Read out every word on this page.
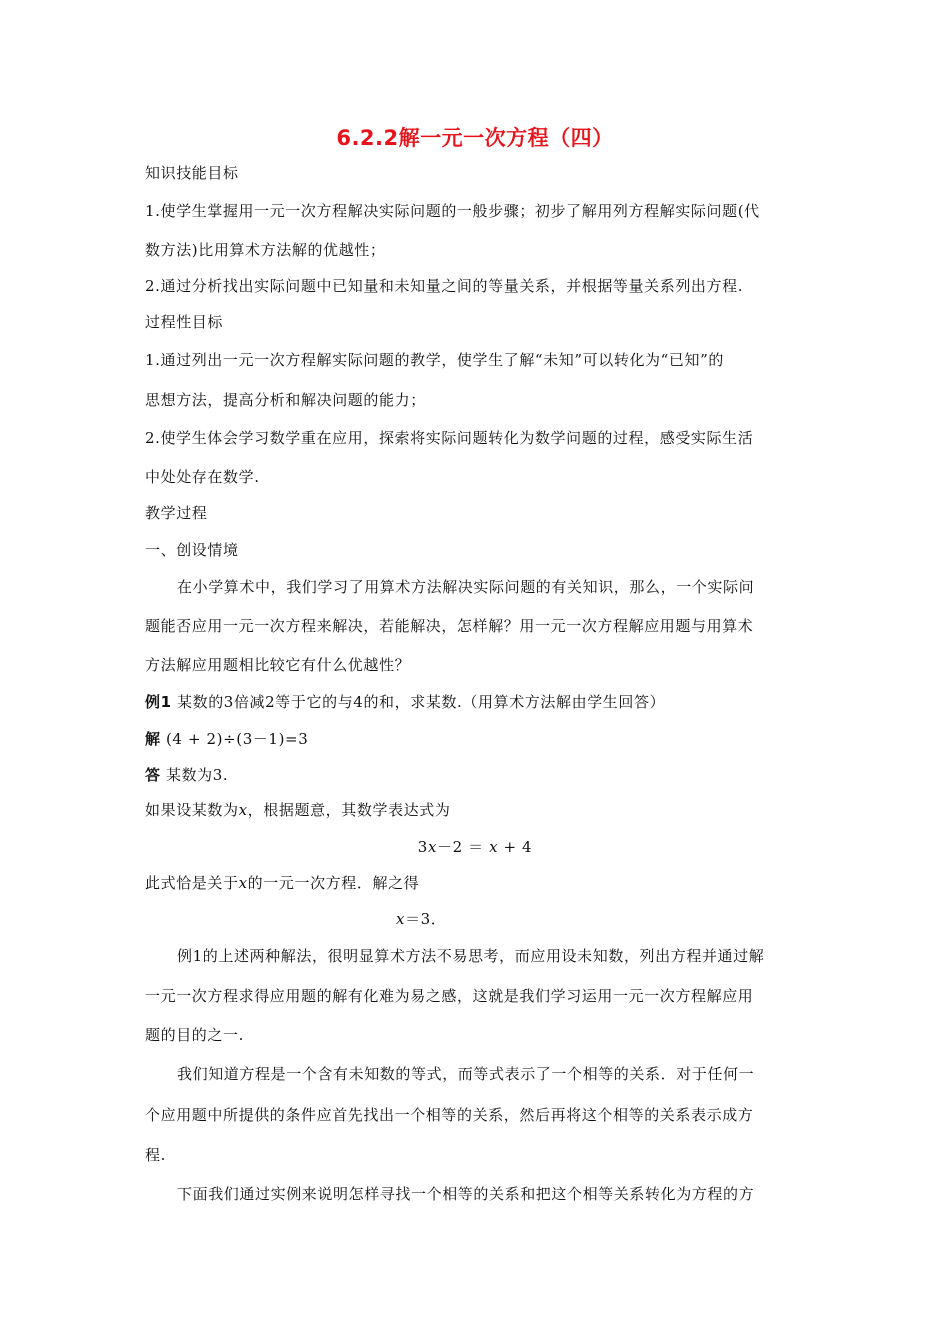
6.2.2解一元一次方程（四）
知识技能目标
1.使学生掌握用一元一次方程解决实际问题的一般步骤；初步了解用列方程解实际问题(代
数方法)比用算术方法解的优越性；
2.通过分析找出实际问题中已知量和未知量之间的等量关系，并根据等量关系列出方程.
过程性目标
1.通过列出一元一次方程解实际问题的教学，使学生了解“未知”可以转化为“已知”的
思想方法，提高分析和解决问题的能力；
2.使学生体会学习数学重在应用，探索将实际问题转化为数学问题的过程，感受实际生活
中处处存在数学.
教学过程
一、创设情境
在小学算术中，我们学习了用算术方法解决实际问题的有关知识，那么，一个实际问
题能否应用一元一次方程来解决，若能解决，怎样解？用一元一次方程解应用题与用算术
方法解应用题相比较它有什么优越性？
例1 某数的3倍减2等于它的与4的和，求某数.（用算术方法解由学生回答）
解 (4 + 2)÷(3－1)=3
答 某数为3.
如果设某数为x，根据题意，其数学表达式为
3x－2 ＝ x + 4
此式恰是关于x的一元一次方程．解之得
x＝3．
例1的上述两种解法，很明显算术方法不易思考，而应用设未知数，列出方程并通过解
一元一次方程求得应用题的解有化难为易之感，这就是我们学习运用一元一次方程解应用
题的目的之一.
我们知道方程是一个含有未知数的等式，而等式表示了一个相等的关系．对于任何一
个应用题中所提供的条件应首先找出一个相等的关系，然后再将这个相等的关系表示成方
程.
下面我们通过实例来说明怎样寻找一个相等的关系和把这个相等关系转化为方程的方
